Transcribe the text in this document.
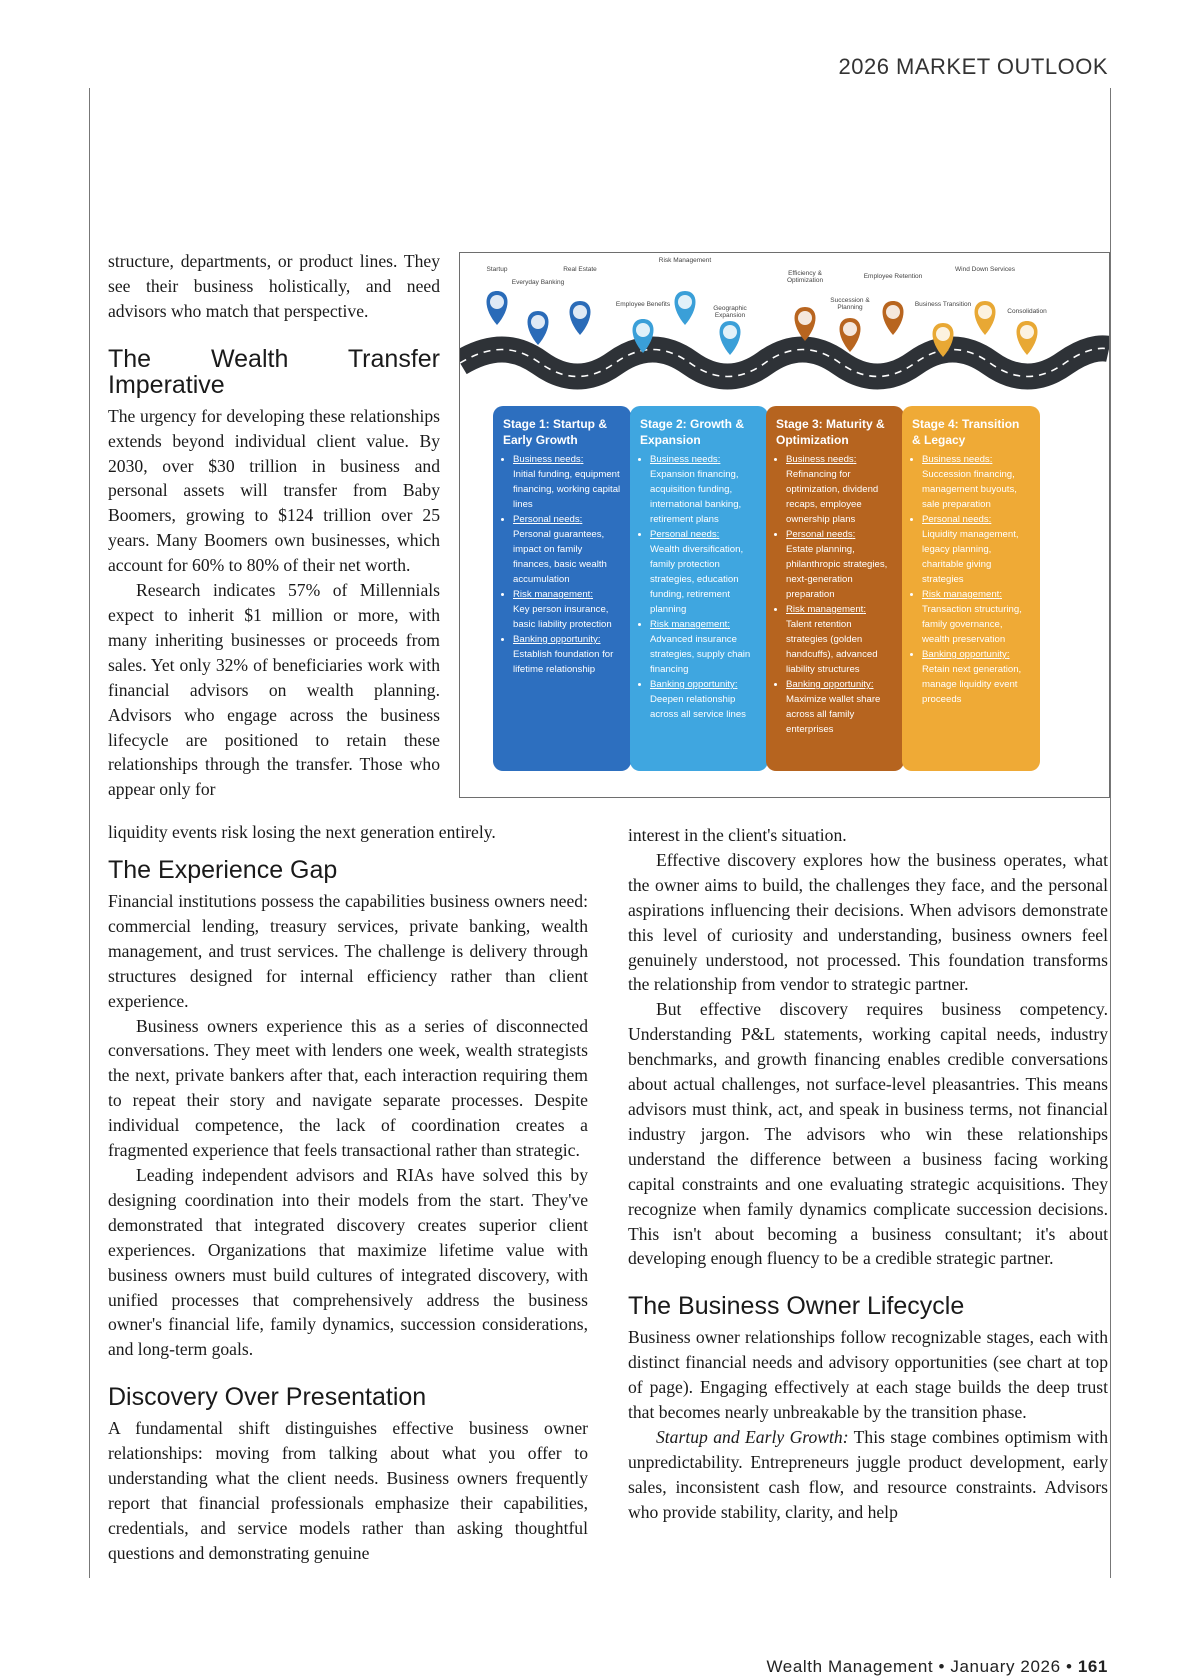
2026 MARKET OUTLOOK

structure, departments, or product lines. They see their business holistically, and need advisors who match that perspective.

The Wealth Transfer Imperative

The urgency for developing these relationships extends beyond individual client value. By 2030, over $30 trillion in business and personal assets will transfer from Baby Boomers, growing to $124 trillion over 25 years. Many Boomers own businesses, which account for 60% to 80% of their net worth.

Research indicates 57% of Millennials expect to inherit $1 million or more, with many inheriting businesses or proceeds from sales. Yet only 32% of beneficiaries work with financial advisors on wealth planning. Advisors who engage across the business lifecycle are positioned to retain these relationships through the transfer. Those who appear only for

liquidity events risk losing the next generation entirely.
Startup
Everyday Banking
Real Estate
Employee Benefits
Risk Management
Geographic Expansion
Efficiency & Optimization
Succession & Planning
Employee Retention
Business Transition
Wind Down Services
Consolidation
Stage 1: Startup & Early Growth
• Business needs :
Initial funding, equipment financing, working capital lines
• Personal needs :
Personal guarantees, impact on family finances, basic wealth accumulation
• Risk management :
Key person insurance, basic liability protection
• Banking opportunity :
Establish foundation for lifetime relationship
Stage 2: Growth & Expansion
• Business needs :
Expansion financing, acquisition funding, international banking, retirement plans
• Personal needs :
Wealth diversification, family protection strategies, education funding, retirement planning
• Risk management :
Advanced insurance strategies, supply chain financing
• Banking opportunity :
Deepen relationship across all service lines
Stage 3: Maturity & Optimization
• Business needs :
Refinancing for optimization, dividend recaps, employee ownership plans
• Personal needs :
Estate planning, philanthropic strategies, next-generation preparation
• Risk management :
Talent retention strategies (golden handcuffs), advanced liability structures
• Banking opportunity :
Maximize wallet share across all family enterprises
Stage 4: Transition & Legacy
• Business needs :
Succession financing, management buyouts, sale preparation
• Personal needs :
Liquidity management, legacy planning, charitable giving strategies
• Risk management :
Transaction structuring, family governance, wealth preservation
• Banking opportunity :
Retain next generation, manage liquidity event proceeds
The Experience Gap

Financial institutions possess the capabilities business owners need: commercial lending, treasury services, private banking, wealth management, and trust services. The challenge is delivery through structures designed for internal efficiency rather than client experience.

Business owners experience this as a series of disconnected conversations. They meet with lenders one week, wealth strategists the next, private bankers after that, each interaction requiring them to repeat their story and navigate separate processes. Despite individual competence, the lack of coordination creates a fragmented experience that feels transactional rather than strategic.

Leading independent advisors and RIAs have solved this by designing coordination into their models from the start. They've demonstrated that integrated discovery creates superior client experiences. Organizations that maximize lifetime value with business owners must build cultures of integrated discovery, with unified processes that comprehensively address the business owner's financial life, family dynamics, succession considerations, and long-term goals.

Discovery Over Presentation

A fundamental shift distinguishes effective business owner relationships: moving from talking about what you offer to understanding what the client needs. Business owners frequently report that financial professionals emphasize their capabilities, credentials, and service models rather than asking thoughtful questions and demonstrating genuine

interest in the client's situation.

Effective discovery explores how the business operates, what the owner aims to build, the challenges they face, and the personal aspirations influencing their decisions. When advisors demonstrate this level of curiosity and understanding, business owners feel genuinely understood, not processed. This foundation transforms the relationship from vendor to strategic partner.

But effective discovery requires business competency. Understanding P&L statements, working capital needs, industry benchmarks, and growth financing enables credible conversations about actual challenges, not surface-level pleasantries. This means advisors must think, act, and speak in business terms, not financial industry jargon. The advisors who win these relationships understand the difference between a business facing working capital constraints and one evaluating strategic acquisitions. They recognize when family dynamics complicate succession decisions. This isn't about becoming a business consultant; it's about developing enough fluency to be a credible strategic partner.

The Business Owner Lifecycle

Business owner relationships follow recognizable stages, each with distinct financial needs and advisory opportunities (see chart at top of page). Engaging effectively at each stage builds the deep trust that becomes nearly unbreakable by the transition phase.

Startup and Early Growth: This stage combines optimism with unpredictability. Entrepreneurs juggle product development, early sales, inconsistent cash flow, and resource constraints. Advisors who provide stability, clarity, and help

Wealth Management • January 2026 • 161
